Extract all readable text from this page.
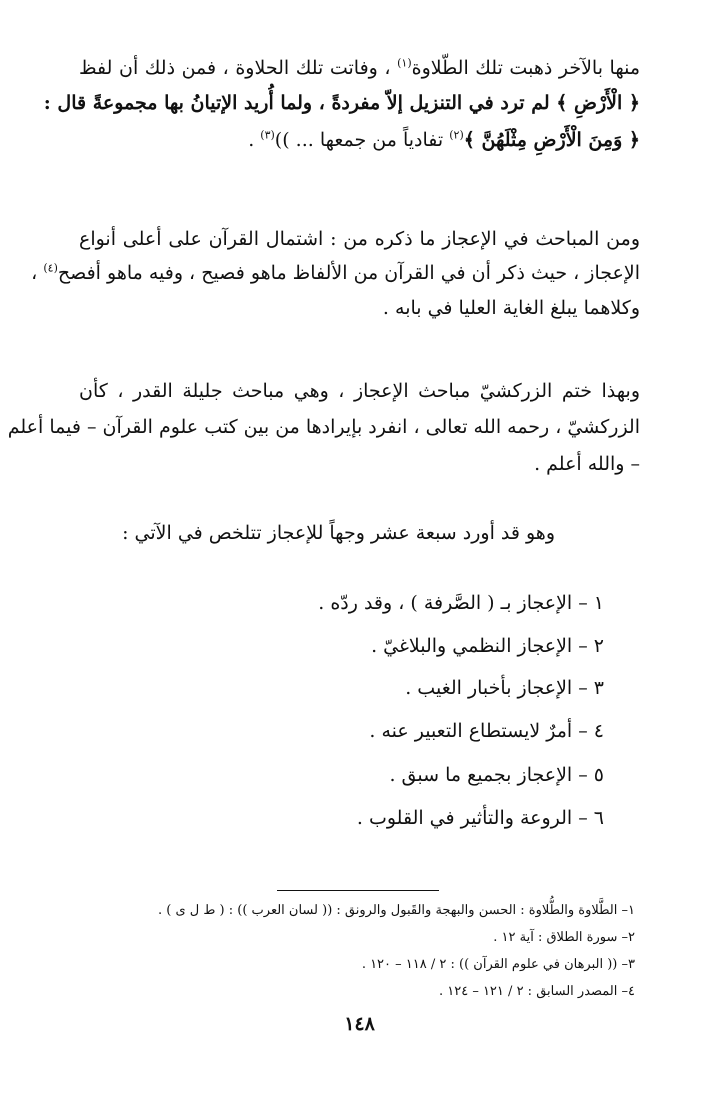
منها بالآخر ذهبت تلك الطّلاوة$^{(١)}$ ، وفاتت تلك الحلاوة ، فمن ذلك أن لفظ
﴿ الْأَرْضِ ﴾ لم ترد في التنزيل إلاّ مفردةً ، ولما أُريد الإتيانُ بها مجموعةً قال :
﴿ وَمِنَ الْأَرْضِ مِثْلَهُنَّ ﴾$^{(٢)}$ تفادياً من جمعها ... ))$^{(٣)}$ .
ومن المباحث في الإعجاز ما ذكره من : اشتمال القرآن على أعلى أنواع
الإعجاز ، حيث ذكر أن في القرآن من الألفاظ ماهو فصيح ، وفيه ماهو أفصح$^{(٤)}$ ،
وكلاهما يبلغ الغاية العليا في بابه .
وبهذا ختم الزركشيّ مباحث الإعجاز ، وهي مباحث جليلة القدر ، كأن
الزركشيّ ، رحمه الله تعالى ، انفرد بإيرادها من بين كتب علوم القرآن – فيما أعلم
– والله أعلم .
وهو قد أورد سبعة عشر وجهاً للإعجاز تتلخص في الآتي :
١ – الإعجاز بـ ( الصَّرفة ) ، وقد ردّه .
٢ – الإعجاز النظمي والبلاغيّ .
٣ – الإعجاز بأخبار الغيب .
٤ – أمرٌ لايستطاع التعبير عنه .
٥ – الإعجاز بجميع ما سبق .
٦ – الروعة والتأثير في القلوب .
١– الطَّلاوة والطُّلاوة : الحسن والبهجة والقَبول والرونق : (( لسان العرب )) : ( ط ل ى ) .
٢– سورة الطلاق : آية ١٢ .
٣– (( البرهان في علوم القرآن )) : ٢ / ١١٨ – ١٢٠ .
٤– المصدر السابق : ٢ / ١٢١ – ١٢٤ .
١٤٨
